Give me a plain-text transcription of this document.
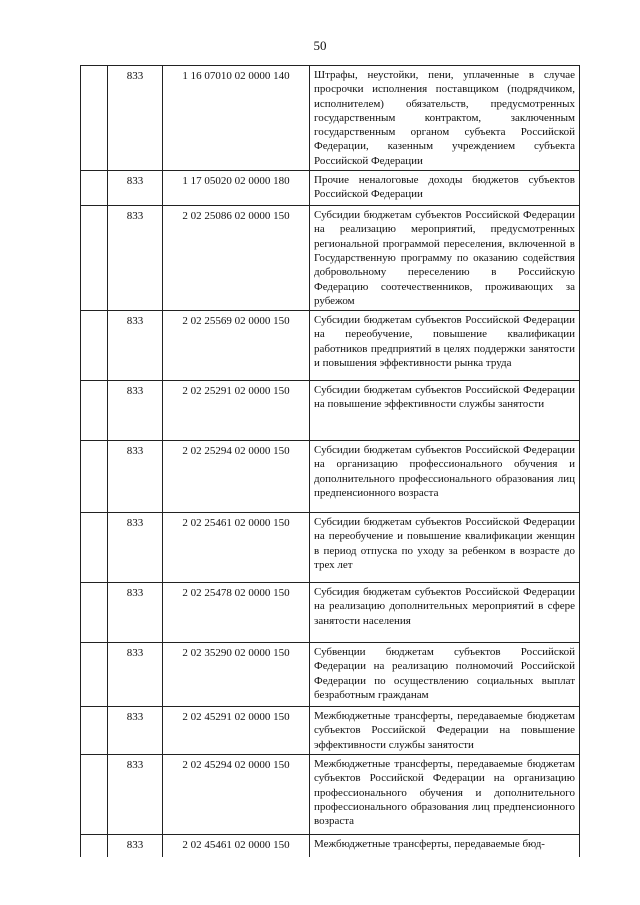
50
	833	1 16 07010 02 0000 140	Штрафы, неустойки, пени, уплаченные в случае просрочки исполнения поставщиком (подрядчиком, исполнителем) обязательств, предусмотренных государственным контрактом, заключенным государственным органом субъекта Российской Федерации, казенным учреждением субъекта Российской Федерации
	833	1 17 05020 02 0000 180	Прочие неналоговые доходы бюджетов субъектов Российской Федерации
	833	2 02 25086 02 0000 150	Субсидии бюджетам субъектов Российской Федерации на реализацию мероприятий, предусмотренных региональной программой переселения, включенной в Государственную программу по оказанию содействия добровольному переселению в Российскую Федерацию соотечественников, проживающих за рубежом
	833	2 02 25569 02 0000 150	Субсидии бюджетам субъектов Российской Федерации на переобучение, повышение квалификации работников предприятий в целях поддержки занятости и повышения эффективности рынка труда
	833	2 02 25291 02 0000 150	Субсидии бюджетам субъектов Российской Федерации на повышение эффективности службы занятости
	833	2 02 25294 02 0000 150	Субсидии бюджетам субъектов Российской Федерации на организацию профессионального обучения и дополнительного профессионального образования лиц предпенсионного возраста
	833	2 02 25461 02 0000 150	Субсидии бюджетам субъектов Российской Федерации на переобучение и повышение квалификации женщин в период отпуска по уходу за ребенком в возрасте до трех лет
	833	2 02 25478 02 0000 150	Субсидия бюджетам субъектов Российской Федерации на реализацию дополнительных мероприятий в сфере занятости населения
	833	2 02 35290 02 0000 150	Субвенции бюджетам субъектов Российской Федерации на реализацию полномочий Российской Федерации по осуществлению социальных выплат безработным гражданам
	833	2 02 45291 02 0000 150	Межбюджетные трансферты, передаваемые бюджетам субъектов Российской Федерации на повышение эффективности службы занятости
	833	2 02 45294 02 0000 150	Межбюджетные трансферты, передаваемые бюджетам субъектов Российской Федерации на организацию профессионального обучения и дополнительного профессионального образования лиц предпенсионного возраста
	833	2 02 45461 02 0000 150	Межбюджетные трансферты, передаваемые бюд-
